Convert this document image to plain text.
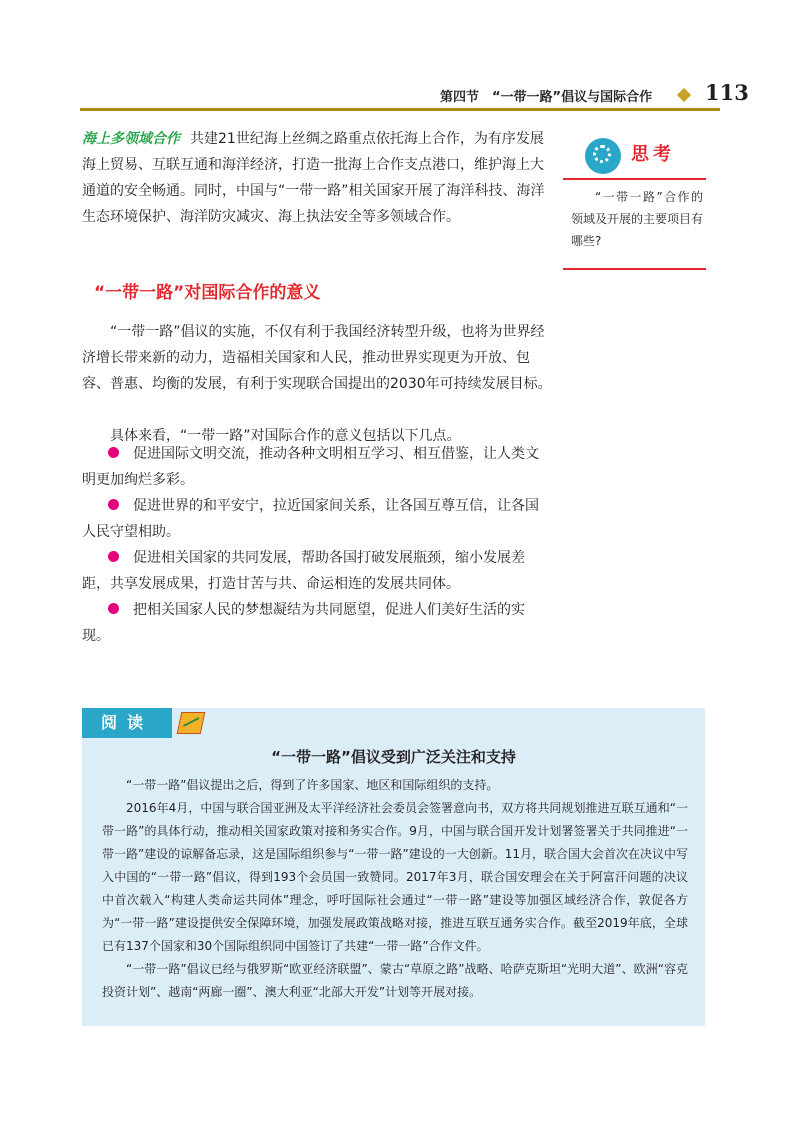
第四节　“一带一路”倡议与国际合作	113

海上多领域合作 共建21世纪海上丝绸之路重点依托海上合作，为有序发展海上贸易、互联互通和海洋经济，打造一批海上合作支点港口，维护海上大通道的安全畅通。同时，中国与“一带一路”相关国家开展了海洋科技、海洋生态环境保护、海洋防灾减灾、海上执法安全等多领域合作。

思考
“一带一路”合作的领域及开展的主要项目有哪些?
“一带一路”对国际合作的意义

“一带一路”倡议的实施，不仅有利于我国经济转型升级，也将为世界经济增长带来新的动力，造福相关国家和人民，推动世界实现更为开放、包容、普惠、均衡的发展，有利于实现联合国提出的2030年可持续发展目标。

具体来看，“一带一路”对国际合作的意义包括以下几点。

促进国际文明交流，推动各种文明相互学习、相互借鉴，让人类文明更加绚烂多彩。

促进世界的和平安宁，拉近国家间关系，让各国互尊互信，让各国人民守望相助。

促进相关国家的共同发展，帮助各国打破发展瓶颈，缩小发展差距，共享发展成果，打造甘苦与共、命运相连的发展共同体。

把相关国家人民的梦想凝结为共同愿望，促进人们美好生活的实现。

阅读
“一带一路”倡议受到广泛关注和支持

“一带一路”倡议提出之后，得到了许多国家、地区和国际组织的支持。

2016年4月，中国与联合国亚洲及太平洋经济社会委员会签署意向书，双方将共同规划推进互联互通和“一带一路”的具体行动，推动相关国家政策对接和务实合作。9月，中国与联合国开发计划署签署关于共同推进“一带一路”建设的谅解备忘录，这是国际组织参与“一带一路”建设的一大创新。11月，联合国大会首次在决议中写入中国的“一带一路”倡议，得到193个会员国一致赞同。2017年3月，联合国安理会在关于阿富汗问题的决议中首次载入“构建人类命运共同体”理念，呼吁国际社会通过“一带一路”建设等加强区域经济合作，敦促各方为“一带一路”建设提供安全保障环境，加强发展政策战略对接，推进互联互通务实合作。截至2019年底，全球已有137个国家和30个国际组织同中国签订了共建“一带一路”合作文件。

“一带一路”倡议已经与俄罗斯“欧亚经济联盟”、蒙古“草原之路”战略、哈萨克斯坦“光明大道”、欧洲“容克投资计划”、越南“两廊一圈”、澳大利亚“北部大开发”计划等开展对接。
